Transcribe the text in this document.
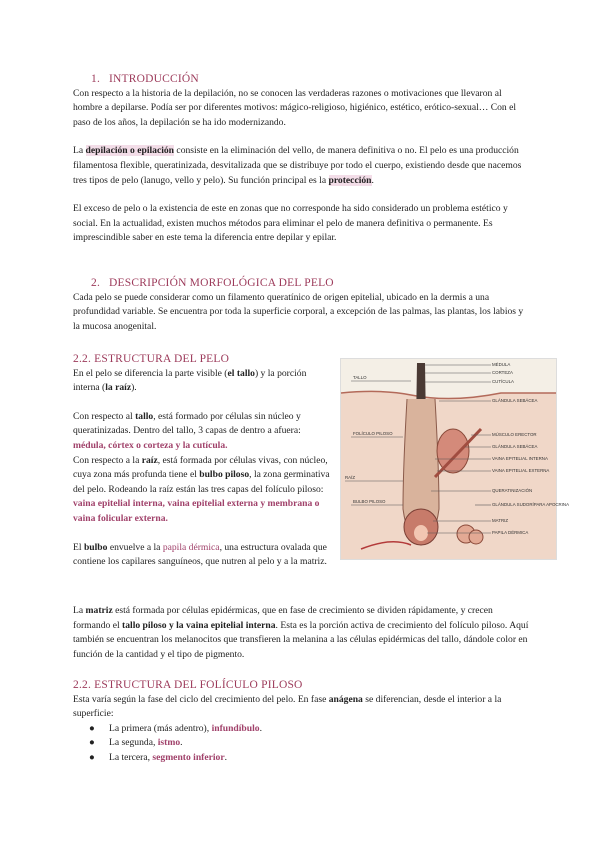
1. INTRODUCCIÓN

Con respecto a la historia de la depilación, no se conocen las verdaderas razones o motivaciones que llevaron al hombre a depilarse. Podía ser por diferentes motivos: mágico-religioso, higiénico, estético, erótico-sexual… Con el paso de los años, la depilación se ha ido modernizando.

La depilación o epilación consiste en la eliminación del vello, de manera definitiva o no. El pelo es una producción filamentosa flexible, queratinizada, desvitalizada que se distribuye por todo el cuerpo, existiendo desde que nacemos tres tipos de pelo (lanugo, vello y pelo). Su función principal es la protección.

El exceso de pelo o la existencia de este en zonas que no corresponde ha sido considerado un problema estético y social. En la actualidad, existen muchos métodos para eliminar el pelo de manera definitiva o permanente. Es imprescindible saber en este tema la diferencia entre depilar y epilar.

2. DESCRIPCIÓN MORFOLÓGICA DEL PELO

Cada pelo se puede considerar como un filamento queratínico de origen epitelial, ubicado en la dermis a una profundidad variable. Se encuentra por toda la superficie corporal, a excepción de las palmas, las plantas, los labios y la mucosa anogenital.

2.2. ESTRUCTURA DEL PELO

En el pelo se diferencia la parte visible (el tallo) y la porción interna (la raíz).

Con respecto al tallo, está formado por células sin núcleo y queratinizadas. Dentro del tallo, 3 capas de dentro a afuera: médula, córtex o corteza y la cutícula.

Con respecto a la raíz, está formada por células vivas, con núcleo, cuya zona más profunda tiene el bulbo piloso, la zona germinativa del pelo. Rodeando la raíz están las tres capas del folículo piloso: vaina epitelial interna, vaina epitelial externa y membrana o vaina folicular externa.

El bulbo envuelve a la papila dérmica, una estructura ovalada que contiene los capilares sanguíneos, que nutren al pelo y a la matriz.

MÉDULA
CORTEZA
CUTÍCULA
GLÁNDULA SEBÁCEA
MÚSCULO ERECTOR
GLÁNDULA SEBÁCEA
VAINA EPITELIAL INTERNA
VAINA EPITELIAL EXTERNA
QUERATINIZACIÓN
GLÁNDULA SUDORÍPARA APOCRINA
MATRIZ
PAPILA DÉRMICA
TALLO
FOLÍCULO PILOSO
RAÍZ
BULBO PILOSO

La matriz está formada por células epidérmicas, que en fase de crecimiento se dividen rápidamente, y crecen formando el tallo piloso y la vaina epitelial interna. Esta es la porción activa de crecimiento del folículo piloso. Aquí también se encuentran los melanocitos que transfieren la melanina a las células epidérmicas del tallo, dándole color en función de la cantidad y el tipo de pigmento.

2.2. ESTRUCTURA DEL FOLÍCULO PILOSO

Esta varía según la fase del ciclo del crecimiento del pelo. En fase anágena se diferencian, desde el interior a la superficie:

● La primera (más adentro), infundíbulo.
● La segunda, istmo.
● La tercera, segmento inferior.
